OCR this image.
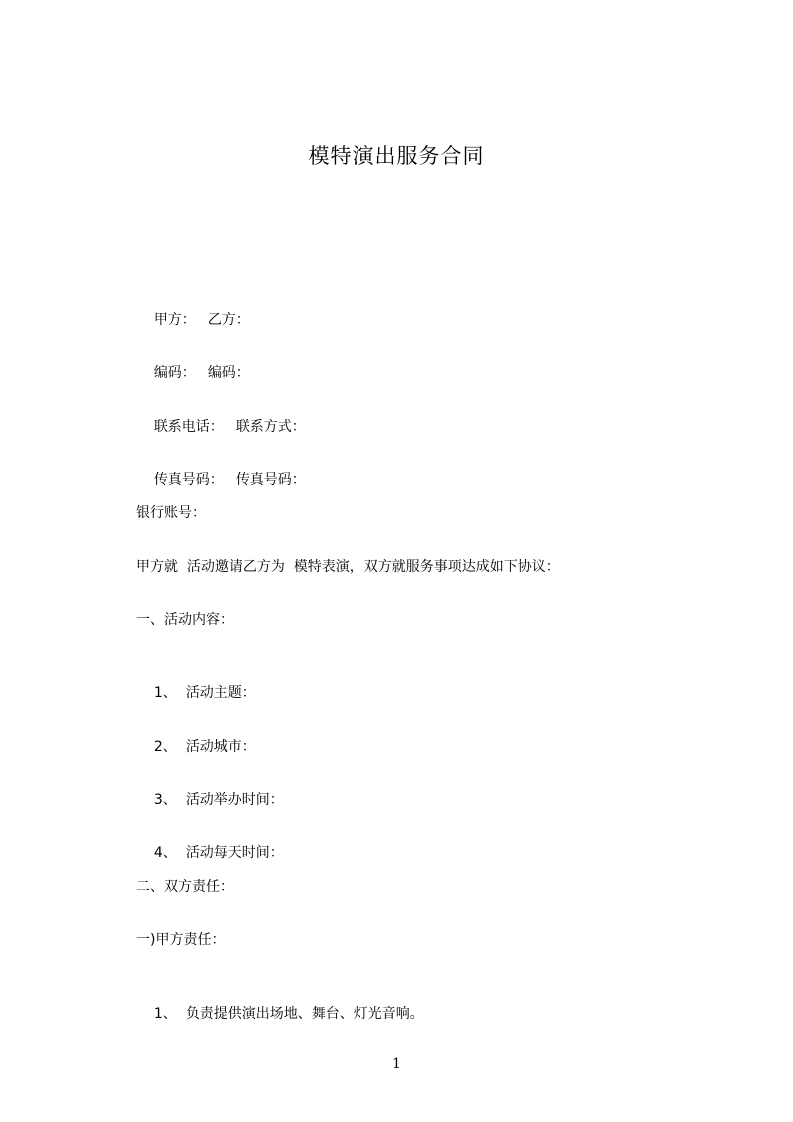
模特演出服务合同

甲方： 乙方：

编码： 编码：

联系电话： 联系方式：

传真号码： 传真号码：

银行账号：
甲方就  活动邀请乙方为  模特表演，双方就服务事项达成如下协议：
一、活动内容：

1、 活动主题：

2、 活动城市：

3、 活动举办时间：

4、 活动每天时间：

二、双方责任：
一)甲方责任：

1、 负责提供演出场地、舞台、灯光音响。

1
